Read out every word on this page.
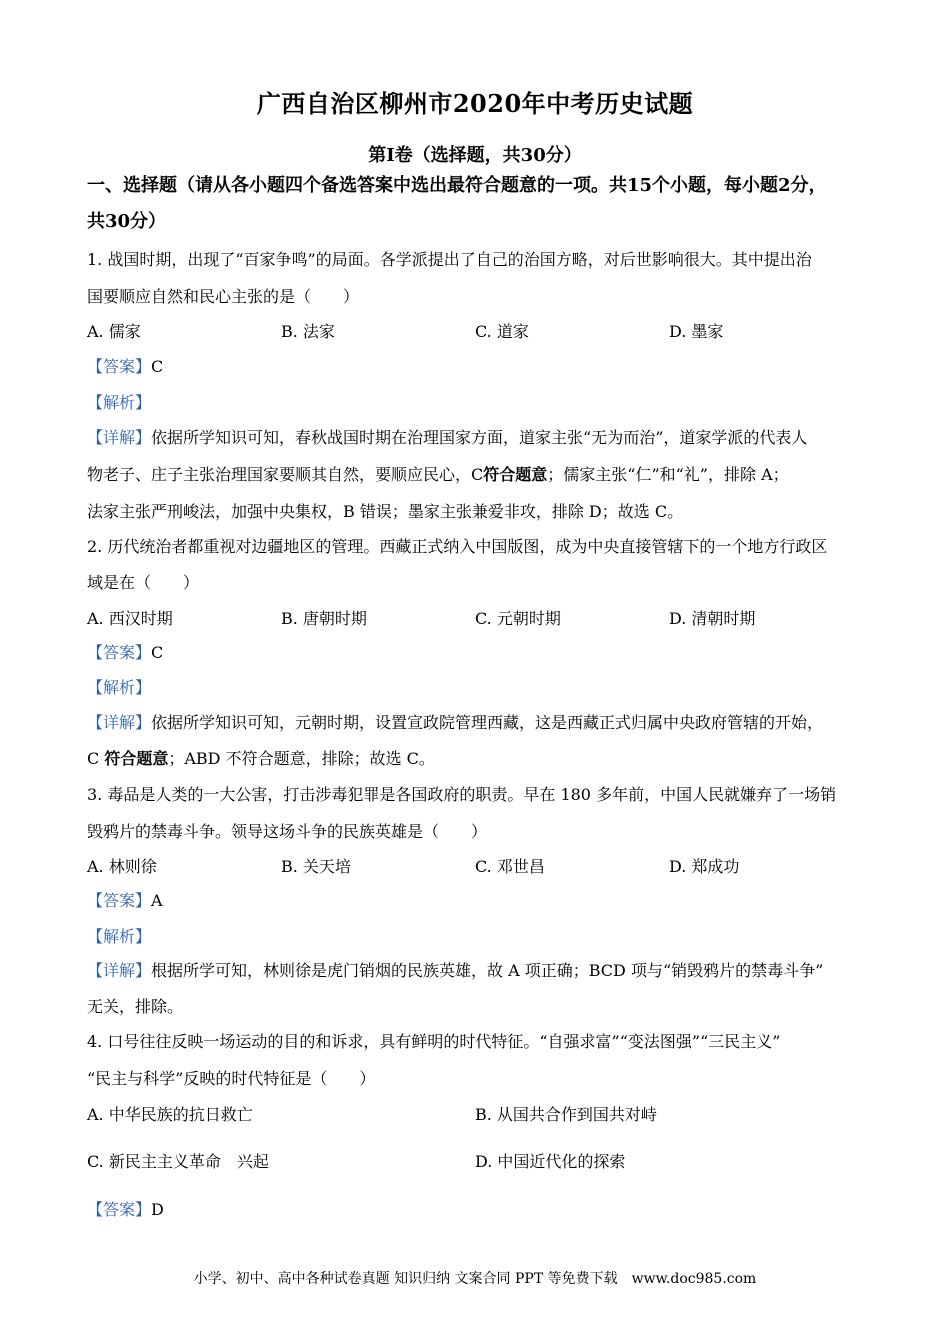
广西自治区柳州市2020年中考历史试题
第Ⅰ卷（选择题，共30分）
一、选择题（请从各小题四个备选答案中选出最符合题意的一项。共15个小题，每小题2分，
共30分）
1. 战国时期，出现了“百家争鸣”的局面。各学派提出了自己的治国方略，对后世影响很大。其中提出治
国要顺应自然和民心主张的是（　　）
A. 儒家	B. 法家	C. 道家	D. 墨家
【答案】C
【解析】
【详解】依据所学知识可知，春秋战国时期在治理国家方面，道家主张“无为而治”，道家学派的代表人
物老子、庄子主张治理国家要顺其自然，要顺应民心，C符合题意；儒家主张“仁”和“礼”，排除 A；
法家主张严刑峻法，加强中央集权，B 错误；墨家主张兼爱非攻，排除 D；故选 C。
2. 历代统治者都重视对边疆地区的管理。西藏正式纳入中国版图，成为中央直接管辖下的一个地方行政区
域是在（　　）
A. 西汉时期	B. 唐朝时期	C. 元朝时期	D. 清朝时期
【答案】C
【解析】
【详解】依据所学知识可知，元朝时期，设置宣政院管理西藏，这是西藏正式归属中央政府管辖的开始，
C 符合题意；ABD 不符合题意，排除；故选 C。
3. 毒品是人类的一大公害，打击涉毒犯罪是各国政府的职责。早在 180 多年前，中国人民就嫌弃了一场销
毁鸦片的禁毒斗争。领导这场斗争的民族英雄是（　　）
A. 林则徐	B. 关天培	C. 邓世昌	D. 郑成功
【答案】A
【解析】
【详解】根据所学可知，林则徐是虎门销烟的民族英雄，故 A 项正确；BCD 项与“销毁鸦片的禁毒斗争”
无关，排除。
4. 口号往往反映一场运动的目的和诉求，具有鲜明的时代特征。“自强求富”“变法图强”“三民主义”
“民主与科学”反映的时代特征是（　　）
A. 中华民族的抗日救亡	B. 从国共合作到国共对峙
C. 新民主主义革命　兴起	D. 中国近代化的探索
【答案】D
小学、初中、高中各种试卷真题 知识归纳 文案合同 PPT 等免费下载　www.doc985.com
